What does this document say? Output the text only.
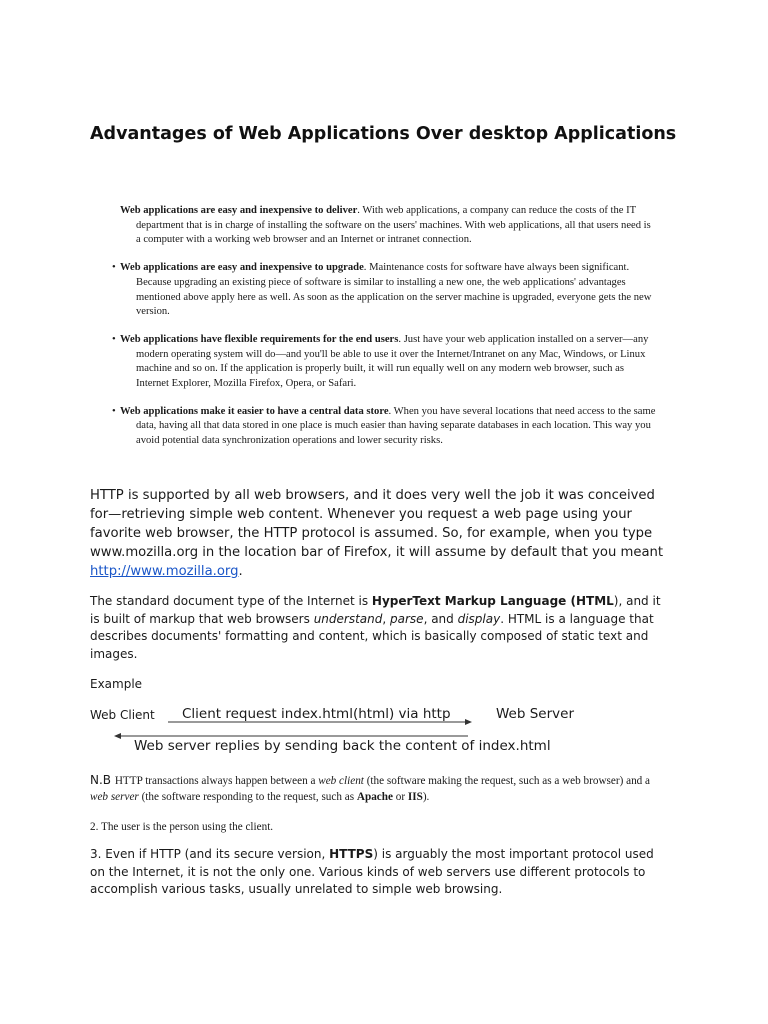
Advantages of Web Applications Over desktop Applications

Web applications are easy and inexpensive to deliver. With web applications, a company can reduce the costs of the IT department that is in charge of installing the software on the users' machines. With web applications, all that users need is a computer with a working web browser and an Internet or intranet connection.

• Web applications are easy and inexpensive to upgrade. Maintenance costs for software have always been significant. Because upgrading an existing piece of software is similar to installing a new one, the web applications' advantages mentioned above apply here as well. As soon as the application on the server machine is upgraded, everyone gets the new version.

• Web applications have flexible requirements for the end users. Just have your web application installed on a server—any modern operating system will do—and you'll be able to use it over the Internet/Intranet on any Mac, Windows, or Linux machine and so on. If the application is properly built, it will run equally well on any modern web browser, such as Internet Explorer, Mozilla Firefox, Opera, or Safari.

• Web applications make it easier to have a central data store. When you have several locations that need access to the same data, having all that data stored in one place is much easier than having separate databases in each location. This way you avoid potential data synchronization operations and lower security risks.

HTTP is supported by all web browsers, and it does very well the job it was conceived for—retrieving simple web content. Whenever you request a web page using your favorite web browser, the HTTP protocol is assumed. So, for example, when you type www.mozilla.org in the location bar of Firefox, it will assume by default that you meant http://www.mozilla.org.

The standard document type of the Internet is HyperText Markup Language (HTML), and it is built of markup that web browsers understand, parse, and display. HTML is a language that describes documents' formatting and content, which is basically composed of static text and images.

Example
Web Client Client request index.html(html) via http	Web Server
Web server replies by sending back the content of index.html

N.B HTTP transactions always happen between a web client (the software making the request, such as a web browser) and a web server (the software responding to the request, such as Apache or IIS).

2. The user is the person using the client.

3. Even if HTTP (and its secure version, HTTPS) is arguably the most important protocol used on the Internet, it is not the only one. Various kinds of web servers use different protocols to accomplish various tasks, usually unrelated to simple web browsing.
